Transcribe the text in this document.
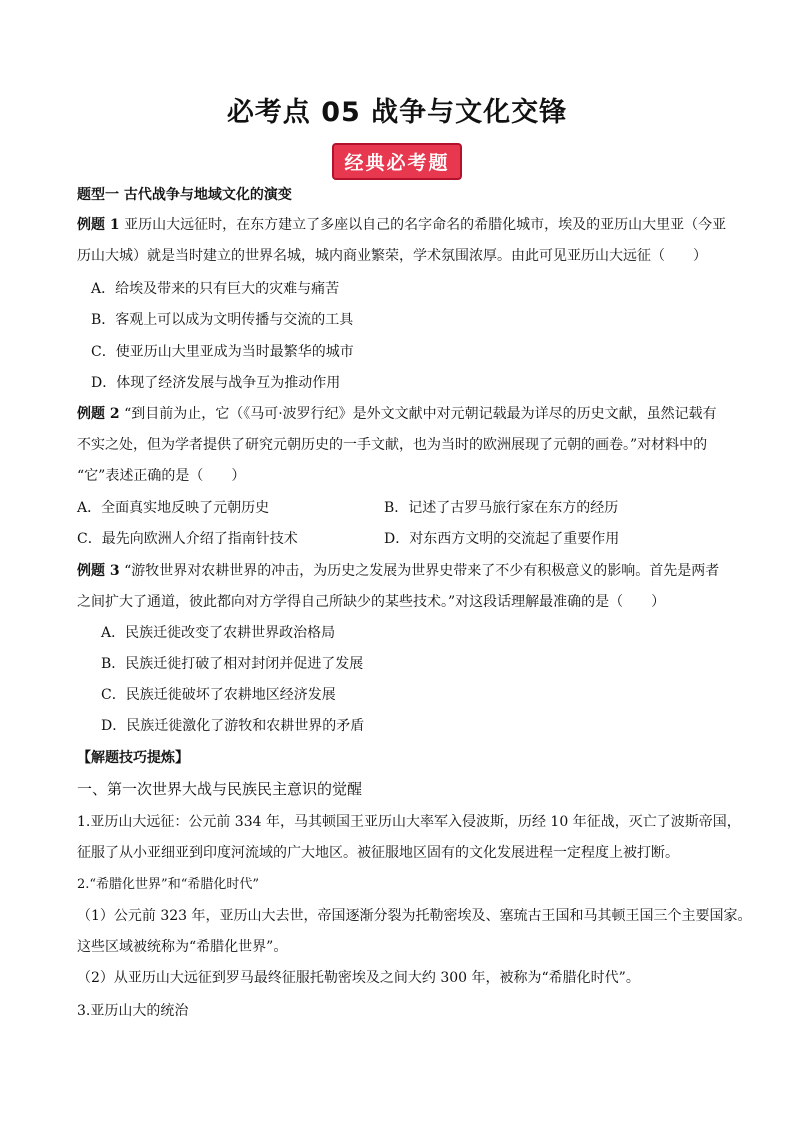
必考点 05 战争与文化交锋
经典必考题
题型一 古代战争与地域文化的演变
例题 1 亚历山大远征时，在东方建立了多座以自己的名字命名的希腊化城市，埃及的亚历山大里亚（今亚
历山大城）就是当时建立的世界名城，城内商业繁荣，学术氛围浓厚。由此可见亚历山大远征（　　）
A．给埃及带来的只有巨大的灾难与痛苦
B．客观上可以成为文明传播与交流的工具
C．使亚历山大里亚成为当时最繁华的城市
D．体现了经济发展与战争互为推动作用
例题 2 “到目前为止，它（《马可·波罗行纪》是外文文献中对元朝记载最为详尽的历史文献，虽然记载有
不实之处，但为学者提供了研究元朝历史的一手文献，也为当时的欧洲展现了元朝的画卷。”对材料中的
“它”表述正确的是（　　）
A．全面真实地反映了元朝历史	B．记述了古罗马旅行家在东方的经历
C．最先向欧洲人介绍了指南针技术	D．对东西方文明的交流起了重要作用
例题 3 “游牧世界对农耕世界的冲击，为历史之发展为世界史带来了不少有积极意义的影响。首先是两者
之间扩大了通道，彼此都向对方学得自己所缺少的某些技术。”对这段话理解最准确的是（　　）
A．民族迁徙改变了农耕世界政治格局
B．民族迁徙打破了相对封闭并促进了发展
C．民族迁徙破坏了农耕地区经济发展
D．民族迁徙激化了游牧和农耕世界的矛盾
【解题技巧提炼】
一、第一次世界大战与民族民主意识的觉醒
1.亚历山大远征：公元前 334 年，马其顿国王亚历山大率军入侵波斯，历经 10 年征战，灭亡了波斯帝国，
征服了从小亚细亚到印度河流域的广大地区。被征服地区固有的文化发展进程一定程度上被打断。
2.“希腊化世界”和“希腊化时代”
（1）公元前 323 年，亚历山大去世，帝国逐渐分裂为托勒密埃及、塞琉古王国和马其顿王国三个主要国家。
这些区域被统称为“希腊化世界”。
（2）从亚历山大远征到罗马最终征服托勒密埃及之间大约 300 年，被称为“希腊化时代”。
3.亚历山大的统治
